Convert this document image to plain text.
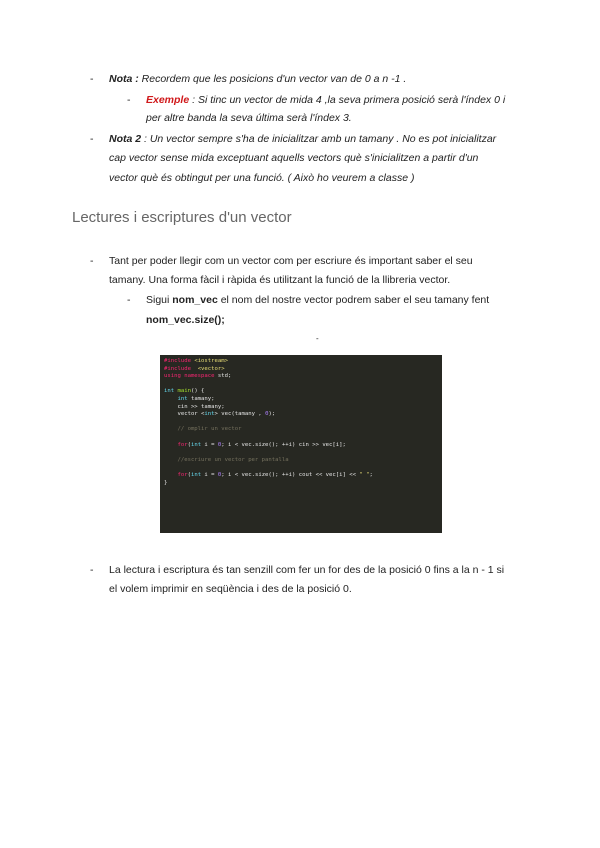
- Nota : Recordem que les posicions d'un vector van de 0 a n -1 .
- Exemple : Si tinc un vector de mida 4 ,la seva primera posició serà l'índex 0 i
per altre banda la seva última serà l'índex 3.
- Nota 2 : Un vector sempre s'ha de inicialitzar amb un tamany . No es pot inicialitzar
cap vector sense mida exceptuant aquells vectors què s'inicialitzen a partir d'un
vector què és obtingut per una funció. ( Això ho veurem a classe )
Lectures i escriptures d'un vector
- Tant per poder llegir com un vector com per escriure és important saber el seu
tamany. Una forma fàcil i ràpida és utilitzant la funció de la llibreria vector.
- Sigui nom_vec el nom del nostre vector podrem saber el seu tamany fent
nom_vec.size();
-
#include <iostream>
#include  <vector>
using namespace std;

int main() {
int tamany;
cin >> tamany;
vector <int> vec(tamany , 0);

// omplir un vector

for(int i = 0; i < vec.size(); ++i) cin >> vec[i];

//escriure un vector per pantalla

for(int i = 0; i < vec.size(); ++i) cout << vec[i] << " ";
}
- La lectura i escriptura és tan senzill com fer un for des de la posició 0 fins a la n - 1 si
el volem imprimir en seqüència i des de la posició 0.
